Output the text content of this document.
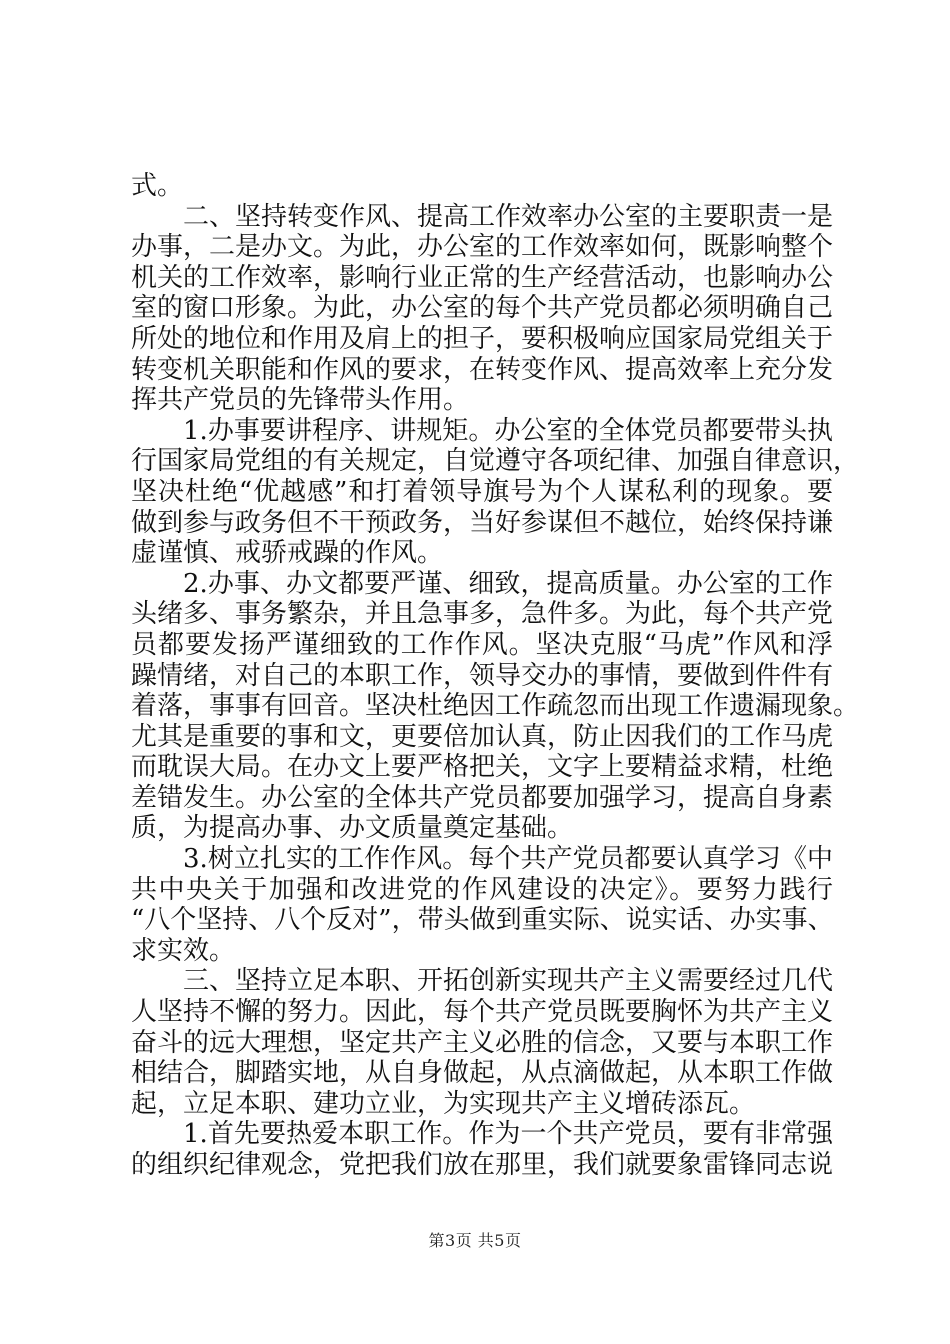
式。
二、坚持转变作风、提高工作效率办公室的主要职责一是
办事，二是办文。为此，办公室的工作效率如何，既影响整个
机关的工作效率，影响行业正常的生产经营活动，也影响办公
室的窗口形象。为此，办公室的每个共产党员都必须明确自己
所处的地位和作用及肩上的担子，要积极响应国家局党组关于
转变机关职能和作风的要求，在转变作风、提高效率上充分发
挥共产党员的先锋带头作用。
1.办事要讲程序、讲规矩。办公室的全体党员都要带头执
行国家局党组的有关规定，自觉遵守各项纪律、加强自律意识，
坚决杜绝“优越感”和打着领导旗号为个人谋私利的现象。要
做到参与政务但不干预政务，当好参谋但不越位，始终保持谦
虚谨慎、戒骄戒躁的作风。
2.办事、办文都要严谨、细致，提高质量。办公室的工作
头绪多、事务繁杂，并且急事多，急件多。为此，每个共产党
员都要发扬严谨细致的工作作风。坚决克服“马虎”作风和浮
躁情绪，对自己的本职工作，领导交办的事情，要做到件件有
着落，事事有回音。坚决杜绝因工作疏忽而出现工作遗漏现象。
尤其是重要的事和文，更要倍加认真，防止因我们的工作马虎
而耽误大局。在办文上要严格把关，文字上要精益求精，杜绝
差错发生。办公室的全体共产党员都要加强学习，提高自身素
质，为提高办事、办文质量奠定基础。
3.树立扎实的工作作风。每个共产党员都要认真学习《中
共中央关于加强和改进党的作风建设的决定》。要努力践行
“八个坚持、八个反对”，带头做到重实际、说实话、办实事、
求实效。
三、坚持立足本职、开拓创新实现共产主义需要经过几代
人坚持不懈的努力。因此，每个共产党员既要胸怀为共产主义
奋斗的远大理想，坚定共产主义必胜的信念，又要与本职工作
相结合，脚踏实地，从自身做起，从点滴做起，从本职工作做
起，立足本职、建功立业，为实现共产主义增砖添瓦。
1.首先要热爱本职工作。作为一个共产党员，要有非常强
的组织纪律观念，党把我们放在那里，我们就要象雷锋同志说
第3页 共5页
